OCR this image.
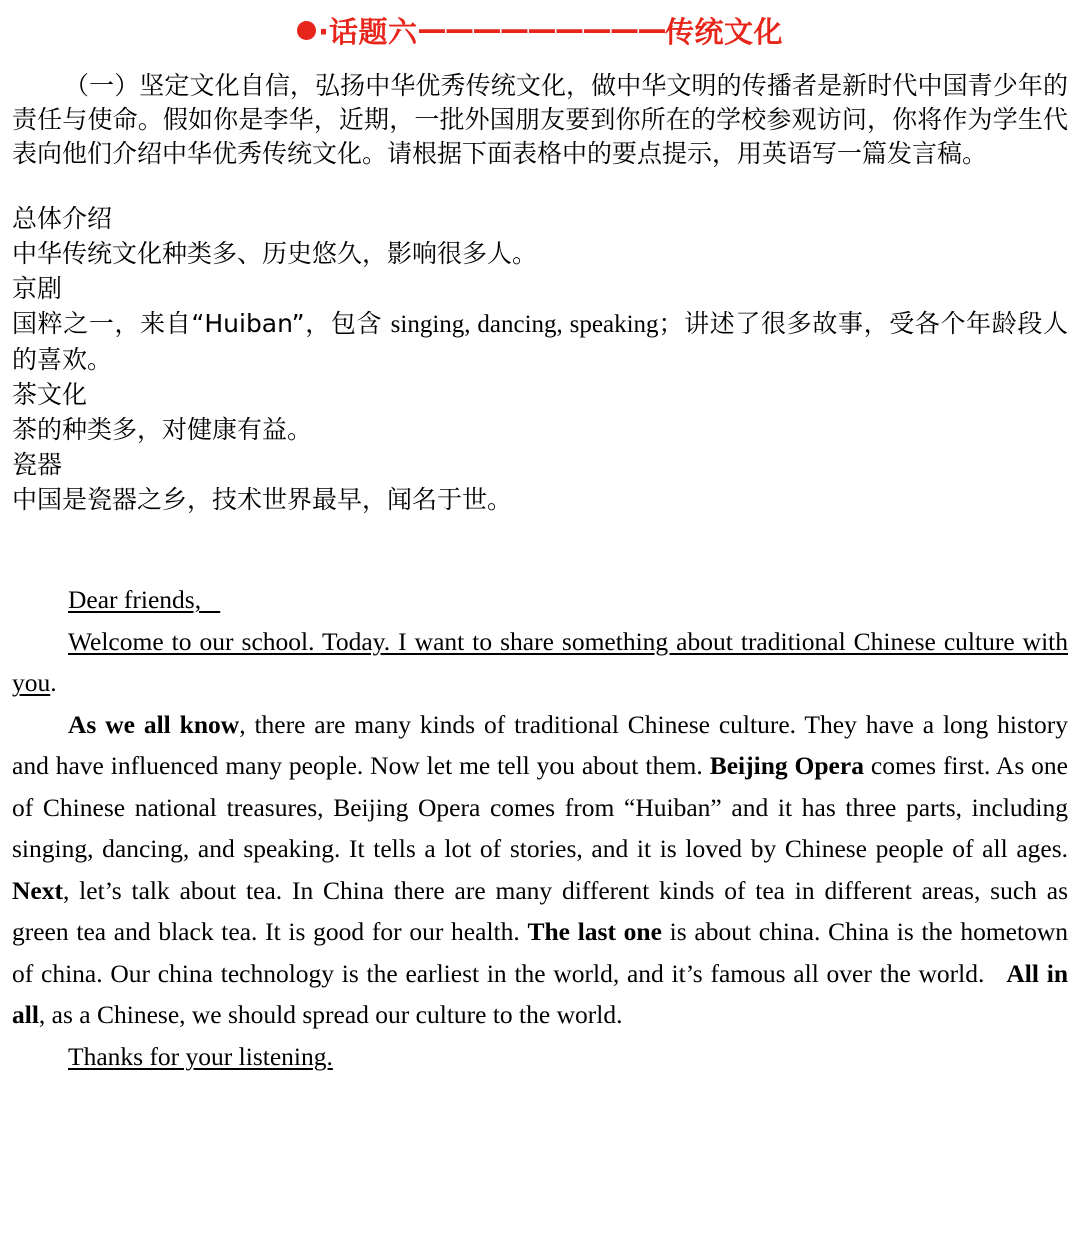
·话题六—————————传统文化
（一）坚定文化自信，弘扬中华优秀传统文化，做中华文明的传播者是新时代中国青少年的责任与使命。假如你是李华，近期，一批外国朋友要到你所在的学校参观访问，你将作为学生代表向他们介绍中华优秀传统文化。请根据下面表格中的要点提示，用英语写一篇发言稿。
总体介绍
中华传统文化种类多、历史悠久，影响很多人。
京剧
国粹之一，来自“Huiban”，包含 singing, dancing, speaking；讲述了很多故事，受各个年龄段人的喜欢。
茶文化
茶的种类多，对健康有益。
瓷器
中国是瓷器之乡，技术世界最早，闻名于世。

Dear friends,

Welcome to our school. Today. I want to share something about traditional Chinese culture with you.

As we all know, there are many kinds of traditional Chinese culture. They have a long history and have influenced many people. Now let me tell you about them. Beijing Opera comes first. As one of Chinese national treasures, Beijing Opera comes from “Huiban” and it has three parts, including singing, dancing, and speaking. It tells a lot of stories, and it is loved by Chinese people of all ages. Next, let’s talk about tea. In China there are many different kinds of tea in different areas, such as green tea and black tea. It is good for our health. The last one is about china. China is the hometown of china. Our china technology is the earliest in the world, and it’s famous all over the world. All in all, as a Chinese, we should spread our culture to the world.

Thanks for your listening.
